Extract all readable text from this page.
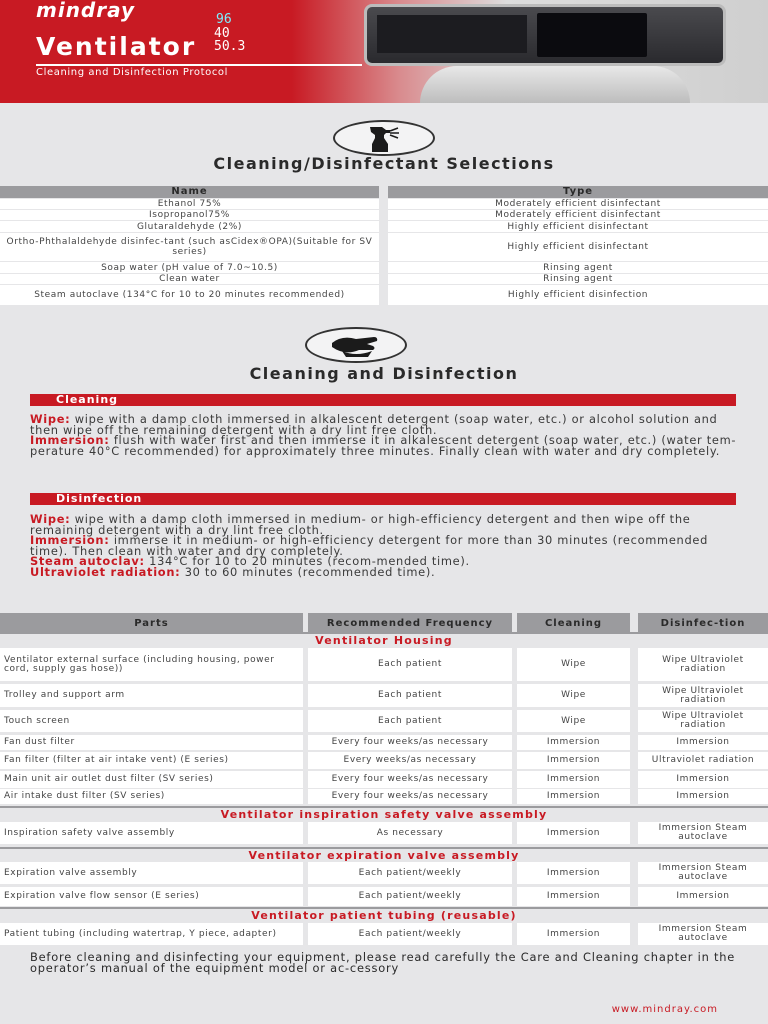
96
40
50.3
mindray
Ventilator
Cleaning and Disinfection Protocol
Cleaning/Disinfectant Selections
Name	Type
Ethanol 75%	Moderately efficient disinfectant
Isopropanol75%	Moderately efficient disinfectant
Glutaraldehyde (2%)	Highly efficient disinfectant
Ortho-Phthalaldehyde disinfec-tant (such asCidex®OPA)(Suitable for SV series)	Highly efficient disinfectant
Soap water (pH value of 7.0~10.5)	Rinsing agent
Clean water	Rinsing agent
Steam autoclave (134°C for 10 to 20 minutes recommended)	Highly efficient disinfection
Cleaning and Disinfection
Cleaning
Wipe: wipe with a damp cloth immersed in alkalescent detergent (soap water, etc.) or alcohol solution and then wipe off the remaining detergent with a dry lint free cloth.
Immersion: flush with water first and then immerse it in alkalescent detergent (soap water, etc.) (water tem-perature 40°C recommended) for approximately three minutes. Finally clean with water and dry completely.
Disinfection
Wipe: wipe with a damp cloth immersed in medium- or high-efficiency detergent and then wipe off the remaining detergent with a dry lint free cloth.
Immersion: immerse it in medium- or high-efficiency detergent for more than 30 minutes (recommended time). Then clean with water and dry completely.
Steam autoclav: 134°C for 10 to 20 minutes (recom-mended time).
Ultraviolet radiation: 30 to 60 minutes (recommended time).
Parts	Recommended Frequency	Cleaning	Disinfec-tion
Ventilator Housing
Ventilator external surface (including housing, power cord, supply gas hose))	Each patient	Wipe	Wipe Ultraviolet radiation
Trolley and support arm	Each patient	Wipe	Wipe Ultraviolet radiation
Touch screen	Each patient	Wipe	Wipe Ultraviolet radiation
Fan dust filter	Every four weeks/as necessary	Immersion	Immersion
Fan filter (filter at air intake vent) (E series)	Every weeks/as necessary	Immersion	Ultraviolet radiation
Main unit air outlet dust filter (SV series)	Every four weeks/as necessary	Immersion	Immersion
Air intake dust filter (SV series)	Every four weeks/as necessary	Immersion	Immersion
Ventilator inspiration safety valve assembly
Inspiration safety valve assembly	As necessary	Immersion	Immersion Steam autoclave
Ventilator expiration valve assembly
Expiration valve assembly	Each patient/weekly	Immersion	Immersion Steam autoclave
Expiration valve flow sensor (E series)	Each patient/weekly	Immersion	Immersion
Ventilator patient tubing (reusable)
Patient tubing (including watertrap, Y piece, adapter)	Each patient/weekly	Immersion	Immersion Steam autoclave
Before cleaning and disinfecting your equipment, please read carefully the Care and Cleaning chapter in the operator’s manual of the equipment model or ac-cessory
www.mindray.com
